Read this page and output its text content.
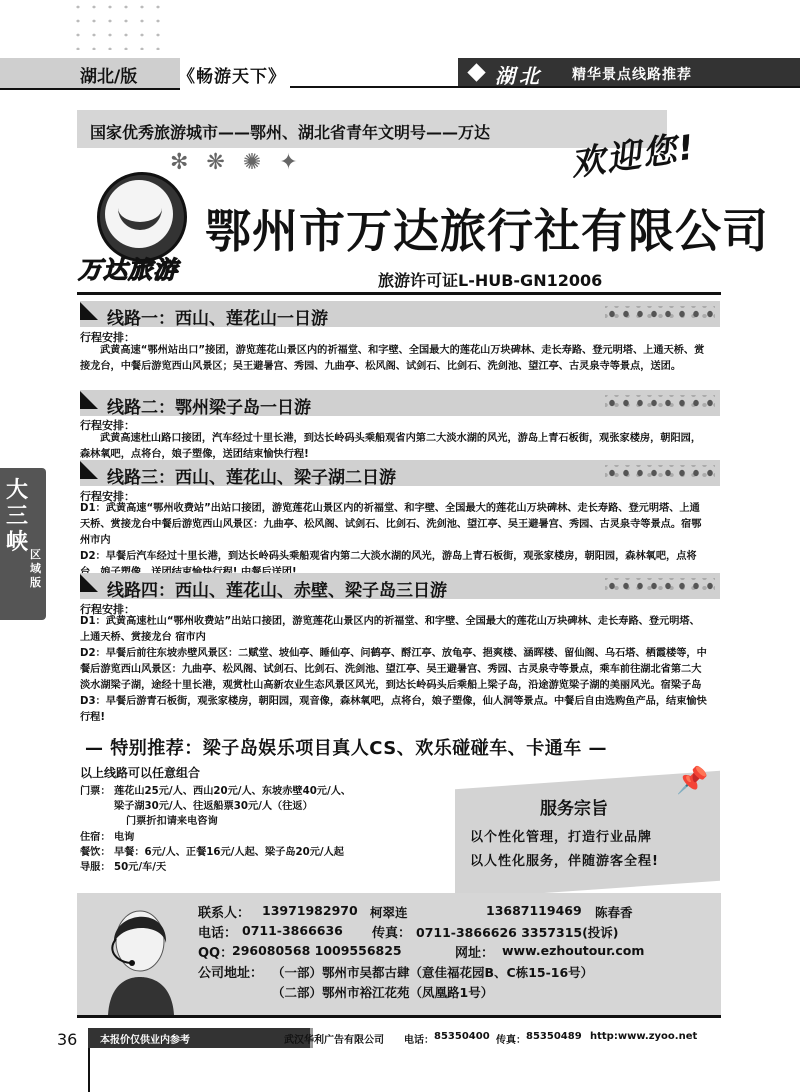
湖北/版 《畅游天下》	湖北 精华景点线路推荐
国家优秀旅游城市——鄂州、湖北省青年文明号——万达
✻❋✺✦	欢迎您!
万达旅游
鄂州市万达旅行社有限公司
旅游许可证L-HUB-GN12006
线路一：西山、莲花山一日游
行程安排：

武黄高速“鄂州站出口”接团，游览莲花山景区内的祈福堂、和字壁、全国最大的莲花山万块碑林、走长寿路、登元明塔、上通天桥、赏接龙台，中餐后游览西山风景区；吴王避暑宫、秀园、九曲亭、松风阁、试剑石、比剑石、洗剑池、望江亭、古灵泉寺等景点，送团。

线路二：鄂州梁子岛一日游
行程安排：

武黄高速杜山路口接团，汽车经过十里长港，到达长岭码头乘船观省内第二大淡水湖的风光，游岛上青石板街，观张家楼房，朝阳园，森林氧吧，点将台，娘子塑像，送团结束愉快行程!

线路三：西山、莲花山、梁子湖二日游
行程安排：

D1：武黄高速“鄂州收费站”出站口接团，游览莲花山景区内的祈福堂、和字壁、全国最大的莲花山万块碑林、走长寿路、登元明塔、上通天桥、赏接龙台中餐后游览西山风景区：九曲亭、松风阁、试剑石、比剑石、洗剑池、望江亭、吴王避暑宫、秀园、古灵泉寺等景点。宿鄂州市内

D2：早餐后汽车经过十里长港，到达长岭码头乘船观省内第二大淡水湖的风光，游岛上青石板街，观张家楼房，朝阳园，森林氧吧，点将

线路四：西山、莲花山、赤壁、梁子岛三日游
行程安排：

D1：武黄高速杜山“鄂州收费站”出站口接团，游览莲花山景区内的祈福堂、和字壁、全国最大的莲花山万块碑林、走长寿路、登元明塔、上通天桥、赏接龙台 宿市内

D2：早餐后前往东坡赤壁风景区：二赋堂、坡仙亭、睡仙亭、问鹤亭、酹江亭、放龟亭、挹爽楼、涵晖楼、留仙阁、乌石塔、栖霞楼等，中餐后游览西山风景区：九曲亭、松风阁、试剑石、比剑石、洗剑池、望江亭、吴王避暑宫、秀园、古灵泉寺等景点，乘车前往湖北省第二大淡水湖梁子湖，途经十里长港，观赏杜山高新农业生态风景区风光，到达长岭码头后乘船上梁子岛，沿途游览梁子湖的美丽风光。宿梁子岛

D3：早餐后游青石板街，观张家楼房，朝阳园，观音像，森林氧吧，点将台，娘子塑像，仙人洞等景点。中餐后自由选购鱼产品，结束愉快行程!

大三峡 区域版
— 特别推荐：梁子岛娱乐项目真人CS、欢乐碰碰车、卡通车 —
以上线路可以任意组合
门票： 莲花山25元/人、西山20元/人、东坡赤壁40元/人、
梁子湖30元/人、往返船票30元/人（往返）
门票折扣请来电咨询
住宿： 电询
餐饮： 早餐：6元/人、正餐16元/人起、梁子岛20元/人起
导服： 50元/车/天
📌
服务宗旨
以个性化管理，打造行业品牌
以人性化服务，伴随游客全程!
联系人： 13971982970 柯翠连	13687119469 陈春香
电话： 0711-3866636 传真： 0711-3866626 3357315(投诉)
QQ：
296080568 1009556825	网址： www.ezhoutour.com
公司地址： （一部）鄂州市吴都古肆（意佳福花园B、C栋15-16号）
（二部）鄂州市裕江花苑（凤凰路1号）
36 本报价仅供业内参考	武汉华利广告有限公司 电话： 85350400 传真： 85350489 http:www.zyoo.net
